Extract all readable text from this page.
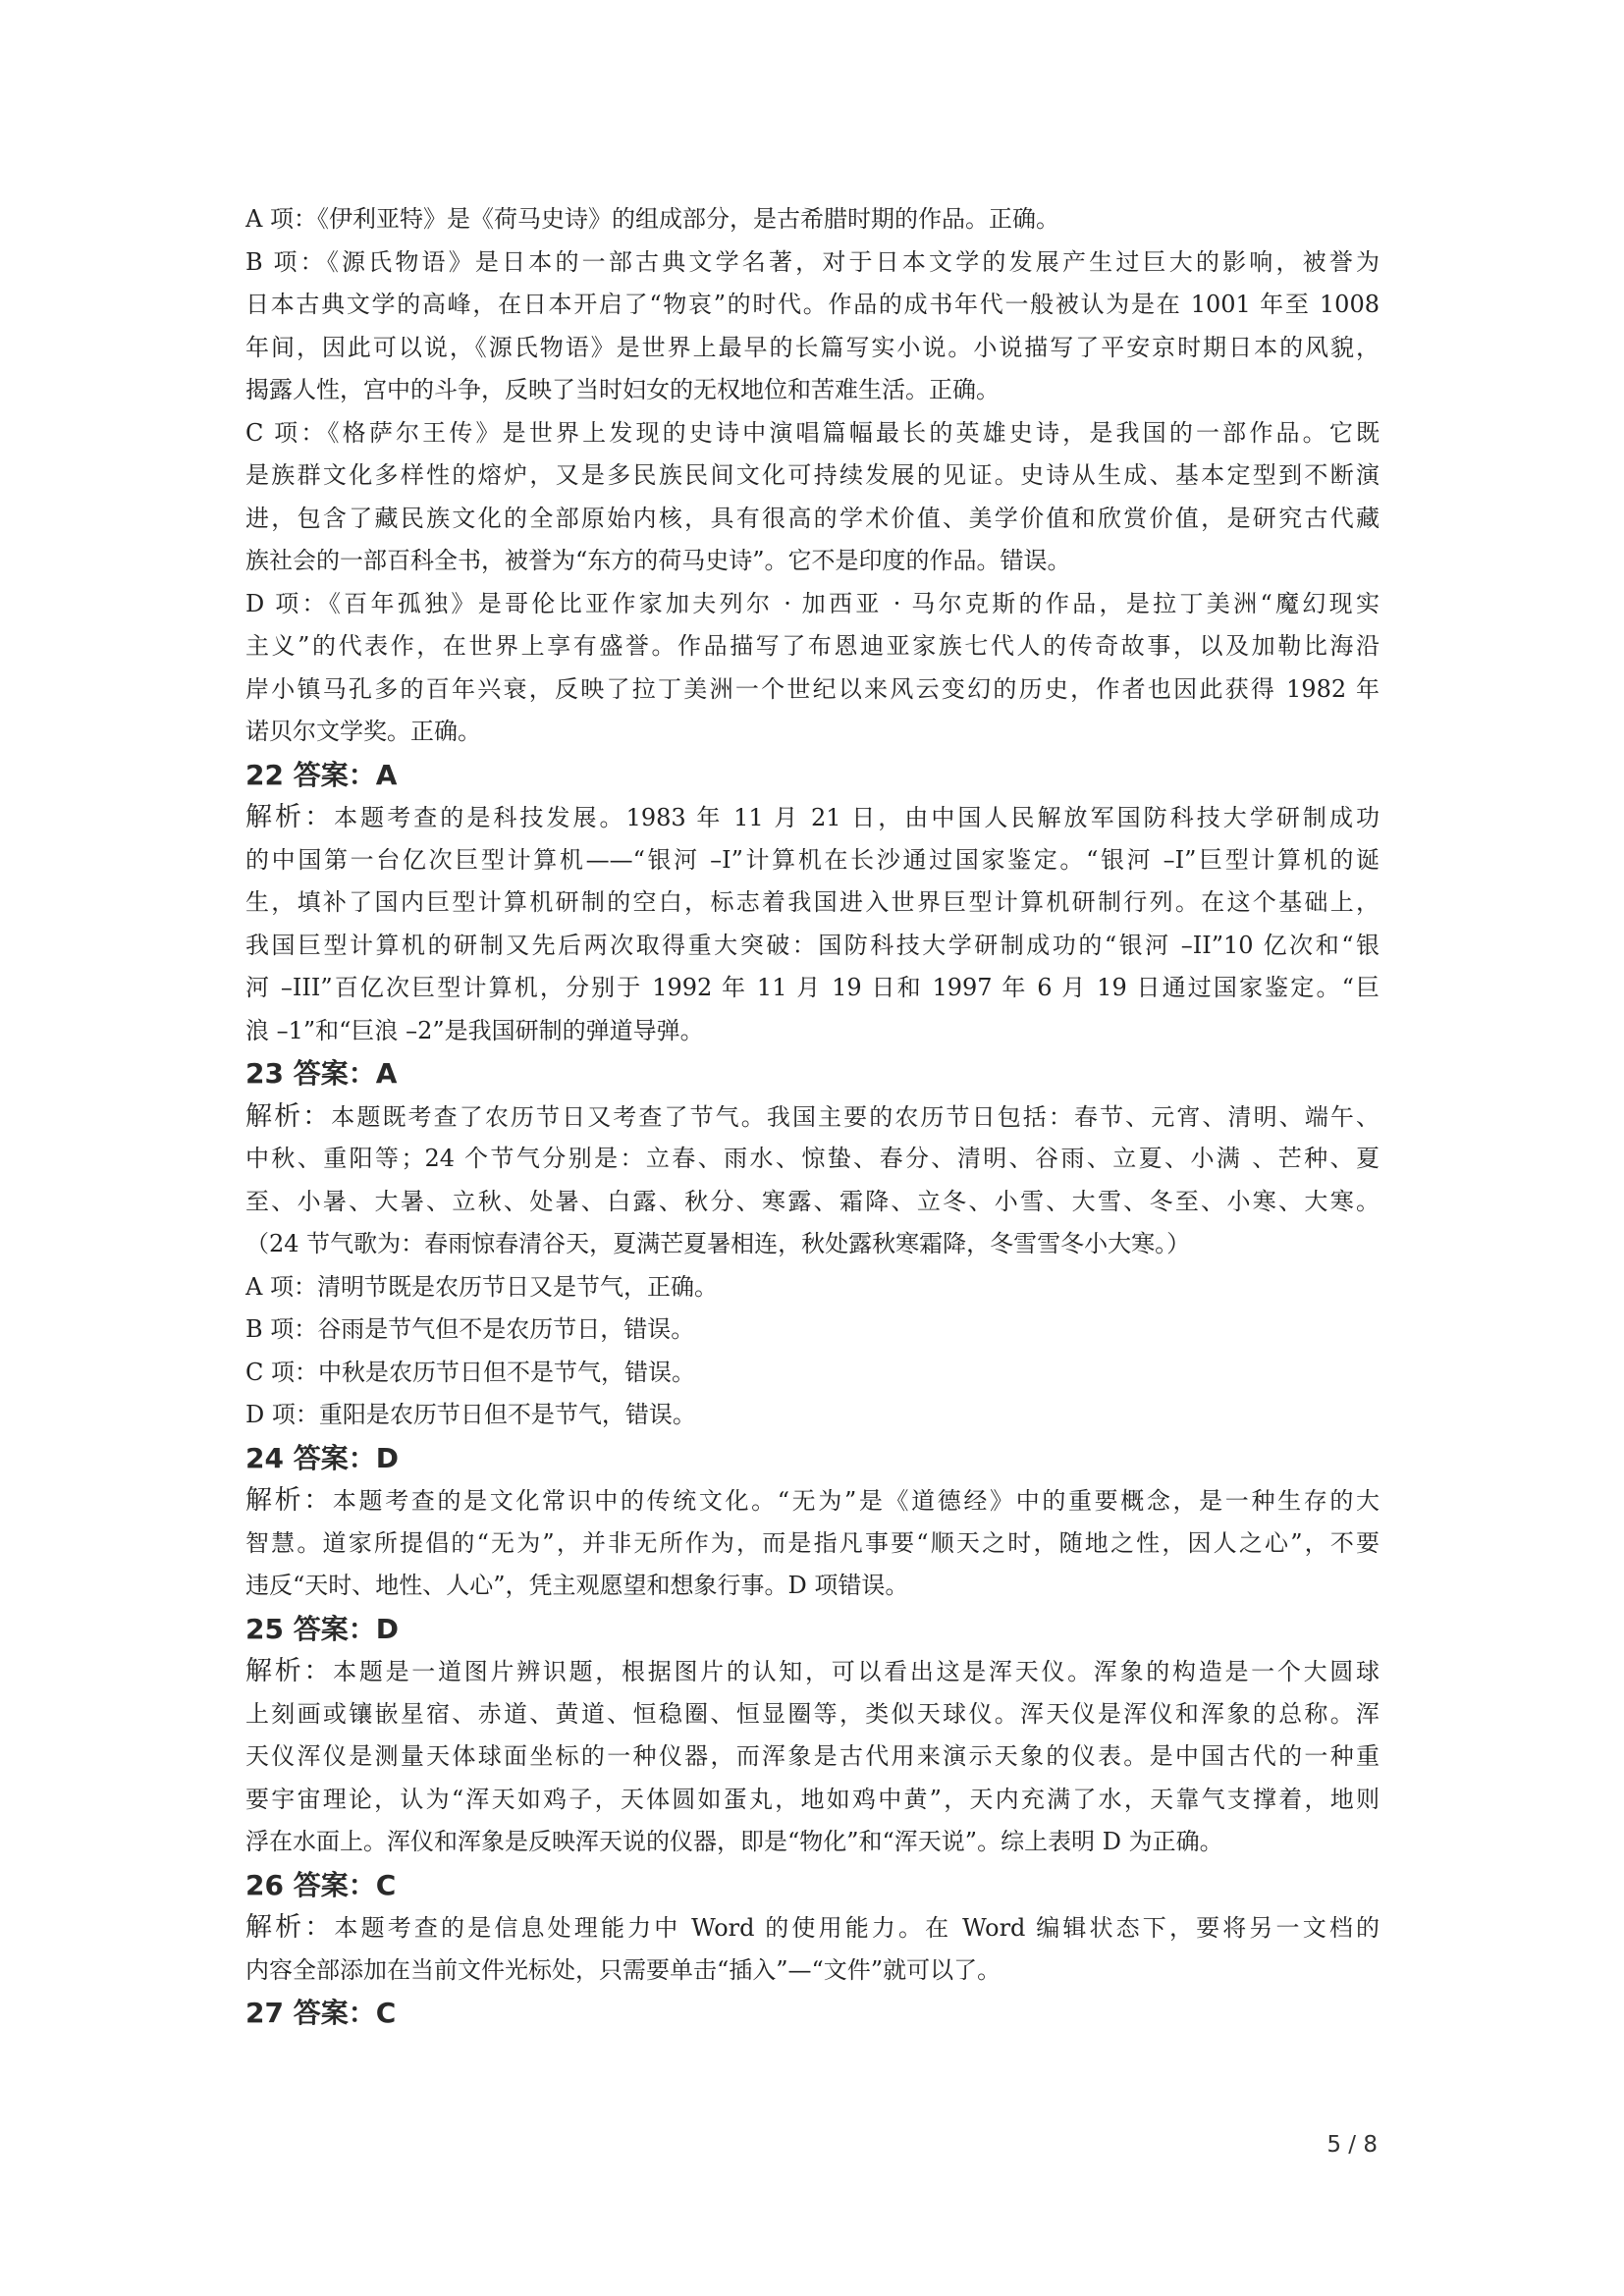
A 项：《伊利亚特》是《荷马史诗》的组成部分，是古希腊时期的作品。正确。
B 项：《源氏物语》是日本的一部古典文学名著，对于日本文学的发展产生过巨大的影响，被誉为
日本古典文学的高峰，在日本开启了“物哀”的时代。作品的成书年代一般被认为是在 1001 年至 1008
年间，因此可以说，《源氏物语》是世界上最早的长篇写实小说。小说描写了平安京时期日本的风貌，
揭露人性，宫中的斗争，反映了当时妇女的无权地位和苦难生活。正确。
C 项：《格萨尔王传》是世界上发现的史诗中演唱篇幅最长的英雄史诗，是我国的一部作品。它既
是族群文化多样性的熔炉，又是多民族民间文化可持续发展的见证。史诗从生成、基本定型到不断演
进，包含了藏民族文化的全部原始内核，具有很高的学术价值、美学价值和欣赏价值，是研究古代藏
族社会的一部百科全书，被誉为“东方的荷马史诗”。它不是印度的作品。错误。
D 项：《百年孤独》是哥伦比亚作家加夫列尔 · 加西亚 · 马尔克斯的作品，是拉丁美洲“魔幻现实
主义”的代表作，在世界上享有盛誉。作品描写了布恩迪亚家族七代人的传奇故事，以及加勒比海沿
岸小镇马孔多的百年兴衰，反映了拉丁美洲一个世纪以来风云变幻的历史，作者也因此获得 1982 年
诺贝尔文学奖。正确。
22 答案：A
解析：本题考查的是科技发展。1983 年 11 月 21 日，由中国人民解放军国防科技大学研制成功
的中国第一台亿次巨型计算机——“银河 –I”计算机在长沙通过国家鉴定。“银河 –I”巨型计算机的诞
生，填补了国内巨型计算机研制的空白，标志着我国进入世界巨型计算机研制行列。在这个基础上，
我国巨型计算机的研制又先后两次取得重大突破：国防科技大学研制成功的“银河 –II”10 亿次和“银
河 –III”百亿次巨型计算机，分别于 1992 年 11 月 19 日和 1997 年 6 月 19 日通过国家鉴定。“巨
浪 –1”和“巨浪 –2”是我国研制的弹道导弹。
23 答案：A
解析：本题既考查了农历节日又考查了节气。我国主要的农历节日包括：春节、元宵、清明、端午、
中秋、重阳等；24 个节气分别是：立春、雨水、惊蛰、春分、清明、谷雨、立夏、小满 、芒种、夏
至、小暑、大暑、立秋、处暑、白露、秋分、寒露、霜降、立冬、小雪、大雪、冬至、小寒、大寒。
（24 节气歌为：春雨惊春清谷天，夏满芒夏暑相连，秋处露秋寒霜降，冬雪雪冬小大寒。）
A 项：清明节既是农历节日又是节气，正确。
B 项：谷雨是节气但不是农历节日，错误。
C 项：中秋是农历节日但不是节气，错误。
D 项：重阳是农历节日但不是节气，错误。
24 答案：D
解析：本题考查的是文化常识中的传统文化。“无为”是《道德经》中的重要概念，是一种生存的大
智慧。道家所提倡的“无为”，并非无所作为，而是指凡事要“顺天之时，随地之性，因人之心”，不要
违反“天时、地性、人心”，凭主观愿望和想象行事。D 项错误。
25 答案：D
解析：本题是一道图片辨识题，根据图片的认知，可以看出这是浑天仪。浑象的构造是一个大圆球
上刻画或镶嵌星宿、赤道、黄道、恒稳圈、恒显圈等，类似天球仪。浑天仪是浑仪和浑象的总称。浑
天仪浑仪是测量天体球面坐标的一种仪器，而浑象是古代用来演示天象的仪表。是中国古代的一种重
要宇宙理论，认为“浑天如鸡子，天体圆如蛋丸，地如鸡中黄”，天内充满了水，天靠气支撑着，地则
浮在水面上。浑仪和浑象是反映浑天说的仪器，即是“物化”和“浑天说”。综上表明 D 为正确。
26 答案：C
解析：本题考查的是信息处理能力中 Word 的使用能力。在 Word 编辑状态下，要将另一文档的
内容全部添加在当前文件光标处，只需要单击“插入”—“文件”就可以了。
27 答案：C
5 / 8
